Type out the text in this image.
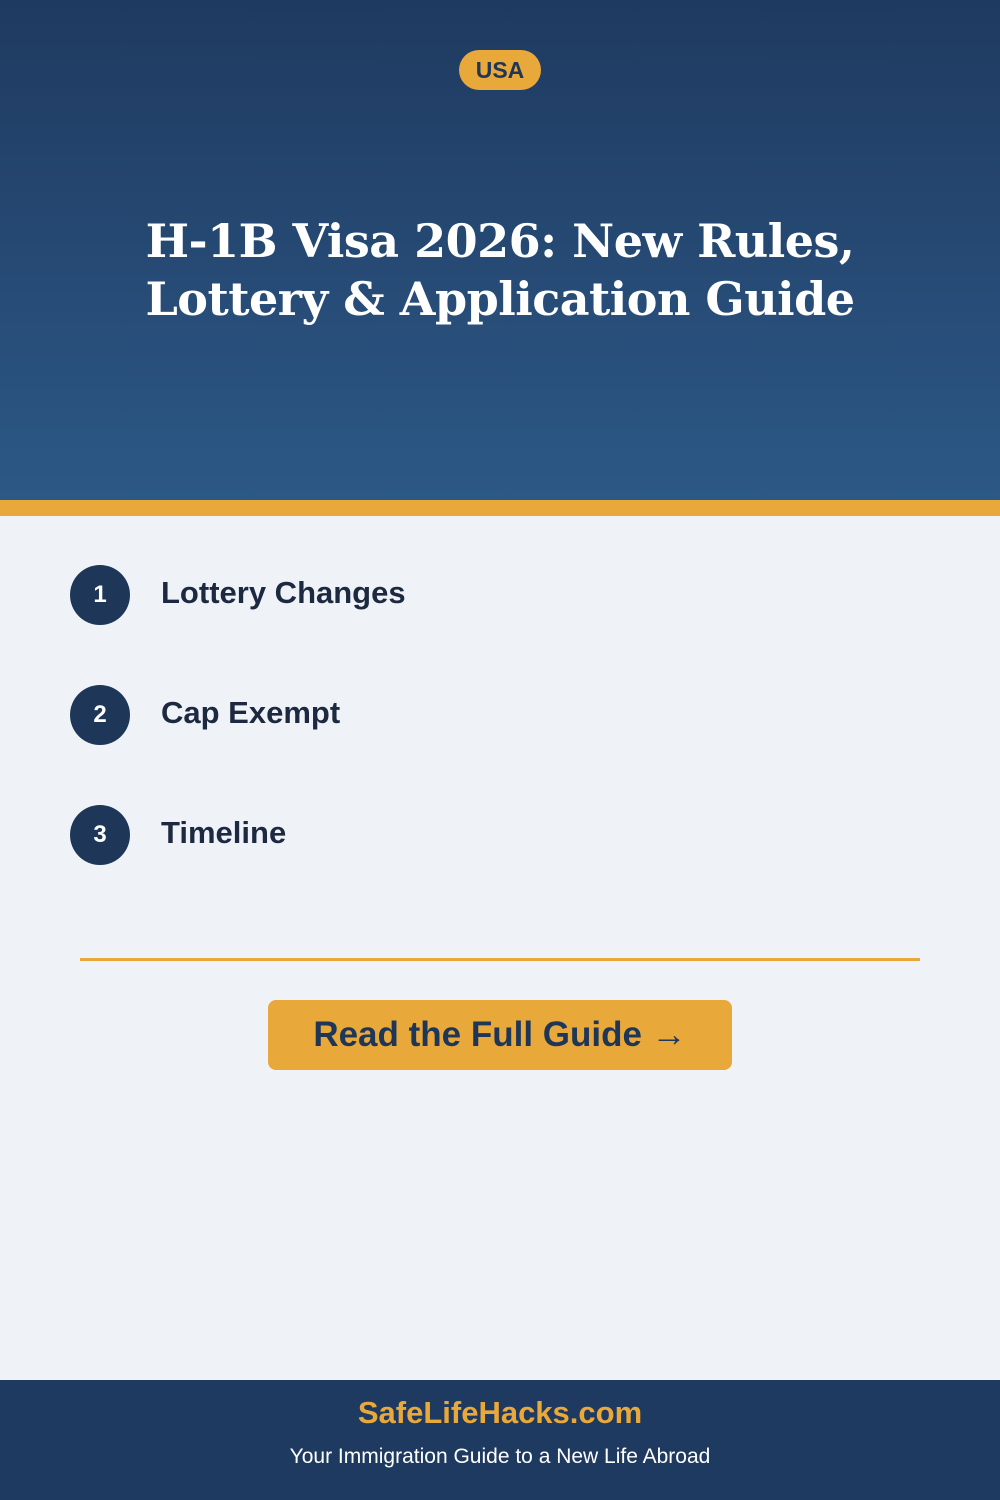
USA
H-1B Visa 2026: New Rules, Lottery & Application Guide
1	Lottery Changes
2	Cap Exempt
3	Timeline
Read the Full Guide →
SafeLifeHacks.com
Your Immigration Guide to a New Life Abroad
